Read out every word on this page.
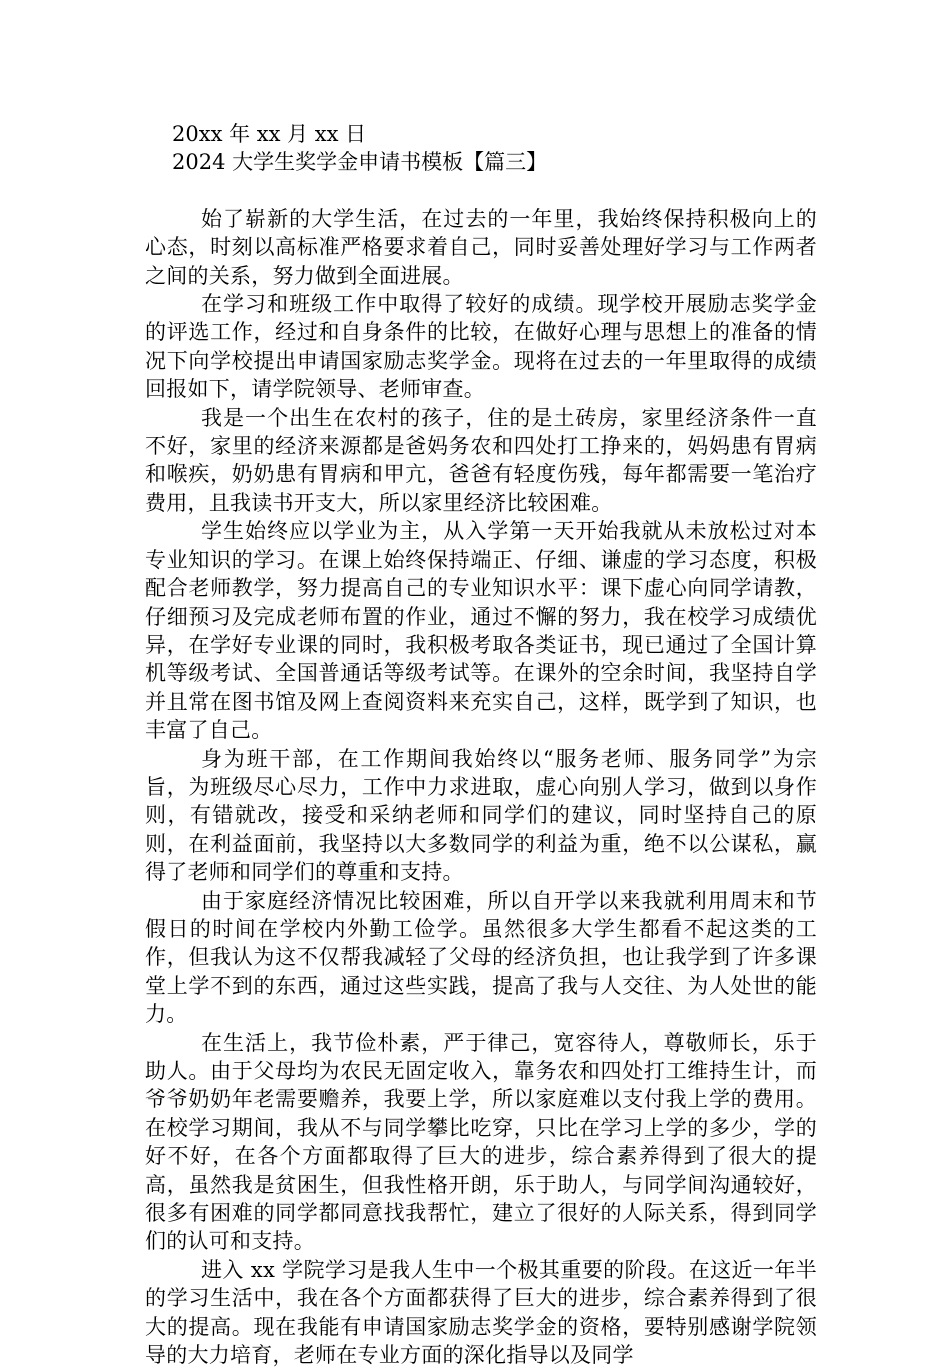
20xx 年 xx 月 xx 日
2024 大学生奖学金申请书模板【篇三】

始了崭新的大学生活，在过去的一年里，我始终保持积极向上的心态，时刻以高标准严格要求着自己，同时妥善处理好学习与工作两者之间的关系，努力做到全面进展。

在学习和班级工作中取得了较好的成绩。现学校开展励志奖学金的评选工作，经过和自身条件的比较，在做好心理与思想上的准备的情况下向学校提出申请国家励志奖学金。现将在过去的一年里取得的成绩回报如下，请学院领导、老师审查。

我是一个出生在农村的孩子，住的是土砖房，家里经济条件一直不好，家里的经济来源都是爸妈务农和四处打工挣来的，妈妈患有胃病和喉疾，奶奶患有胃病和甲亢，爸爸有轻度伤残，每年都需要一笔治疗费用，且我读书开支大，所以家里经济比较困难。

学生始终应以学业为主，从入学第一天开始我就从未放松过对本专业知识的学习。在课上始终保持端正、仔细、谦虚的学习态度，积极配合老师教学，努力提高自己的专业知识水平：课下虚心向同学请教，仔细预习及完成老师布置的作业，通过不懈的努力，我在校学习成绩优异，在学好专业课的同时，我积极考取各类证书，现已通过了全国计算机等级考试、全国普通话等级考试等。在课外的空余时间，我坚持自学并且常在图书馆及网上查阅资料来充实自己，这样，既学到了知识，也丰富了自己。

身为班干部，在工作期间我始终以“服务老师、服务同学”为宗旨，为班级尽心尽力，工作中力求进取，虚心向别人学习，做到以身作则，有错就改，接受和采纳老师和同学们的建议，同时坚持自己的原则，在利益面前，我坚持以大多数同学的利益为重，绝不以公谋私，赢得了老师和同学们的尊重和支持。

由于家庭经济情况比较困难，所以自开学以来我就利用周末和节假日的时间在学校内外勤工俭学。虽然很多大学生都看不起这类的工作，但我认为这不仅帮我减轻了父母的经济负担，也让我学到了许多课堂上学不到的东西，通过这些实践，提高了我与人交往、为人处世的能力。

在生活上，我节俭朴素，严于律己，宽容待人，尊敬师长，乐于助人。由于父母均为农民无固定收入，靠务农和四处打工维持生计，而爷爷奶奶年老需要赡养，我要上学，所以家庭难以支付我上学的费用。在校学习期间，我从不与同学攀比吃穿，只比在学习上学的多少，学的好不好，在各个方面都取得了巨大的进步，综合素养得到了很大的提高，虽然我是贫困生，但我性格开朗，乐于助人，与同学间沟通较好，很多有困难的同学都同意找我帮忙，建立了很好的人际关系，得到同学们的认可和支持。

进入 xx 学院学习是我人生中一个极其重要的阶段。在这近一年半的学习生活中，我在各个方面都获得了巨大的进步，综合素养得到了很大的提高。现在我能有申请国家励志奖学金的资格，要特别感谢学院领导的大力培育，老师在专业方面的深化指导以及同学
